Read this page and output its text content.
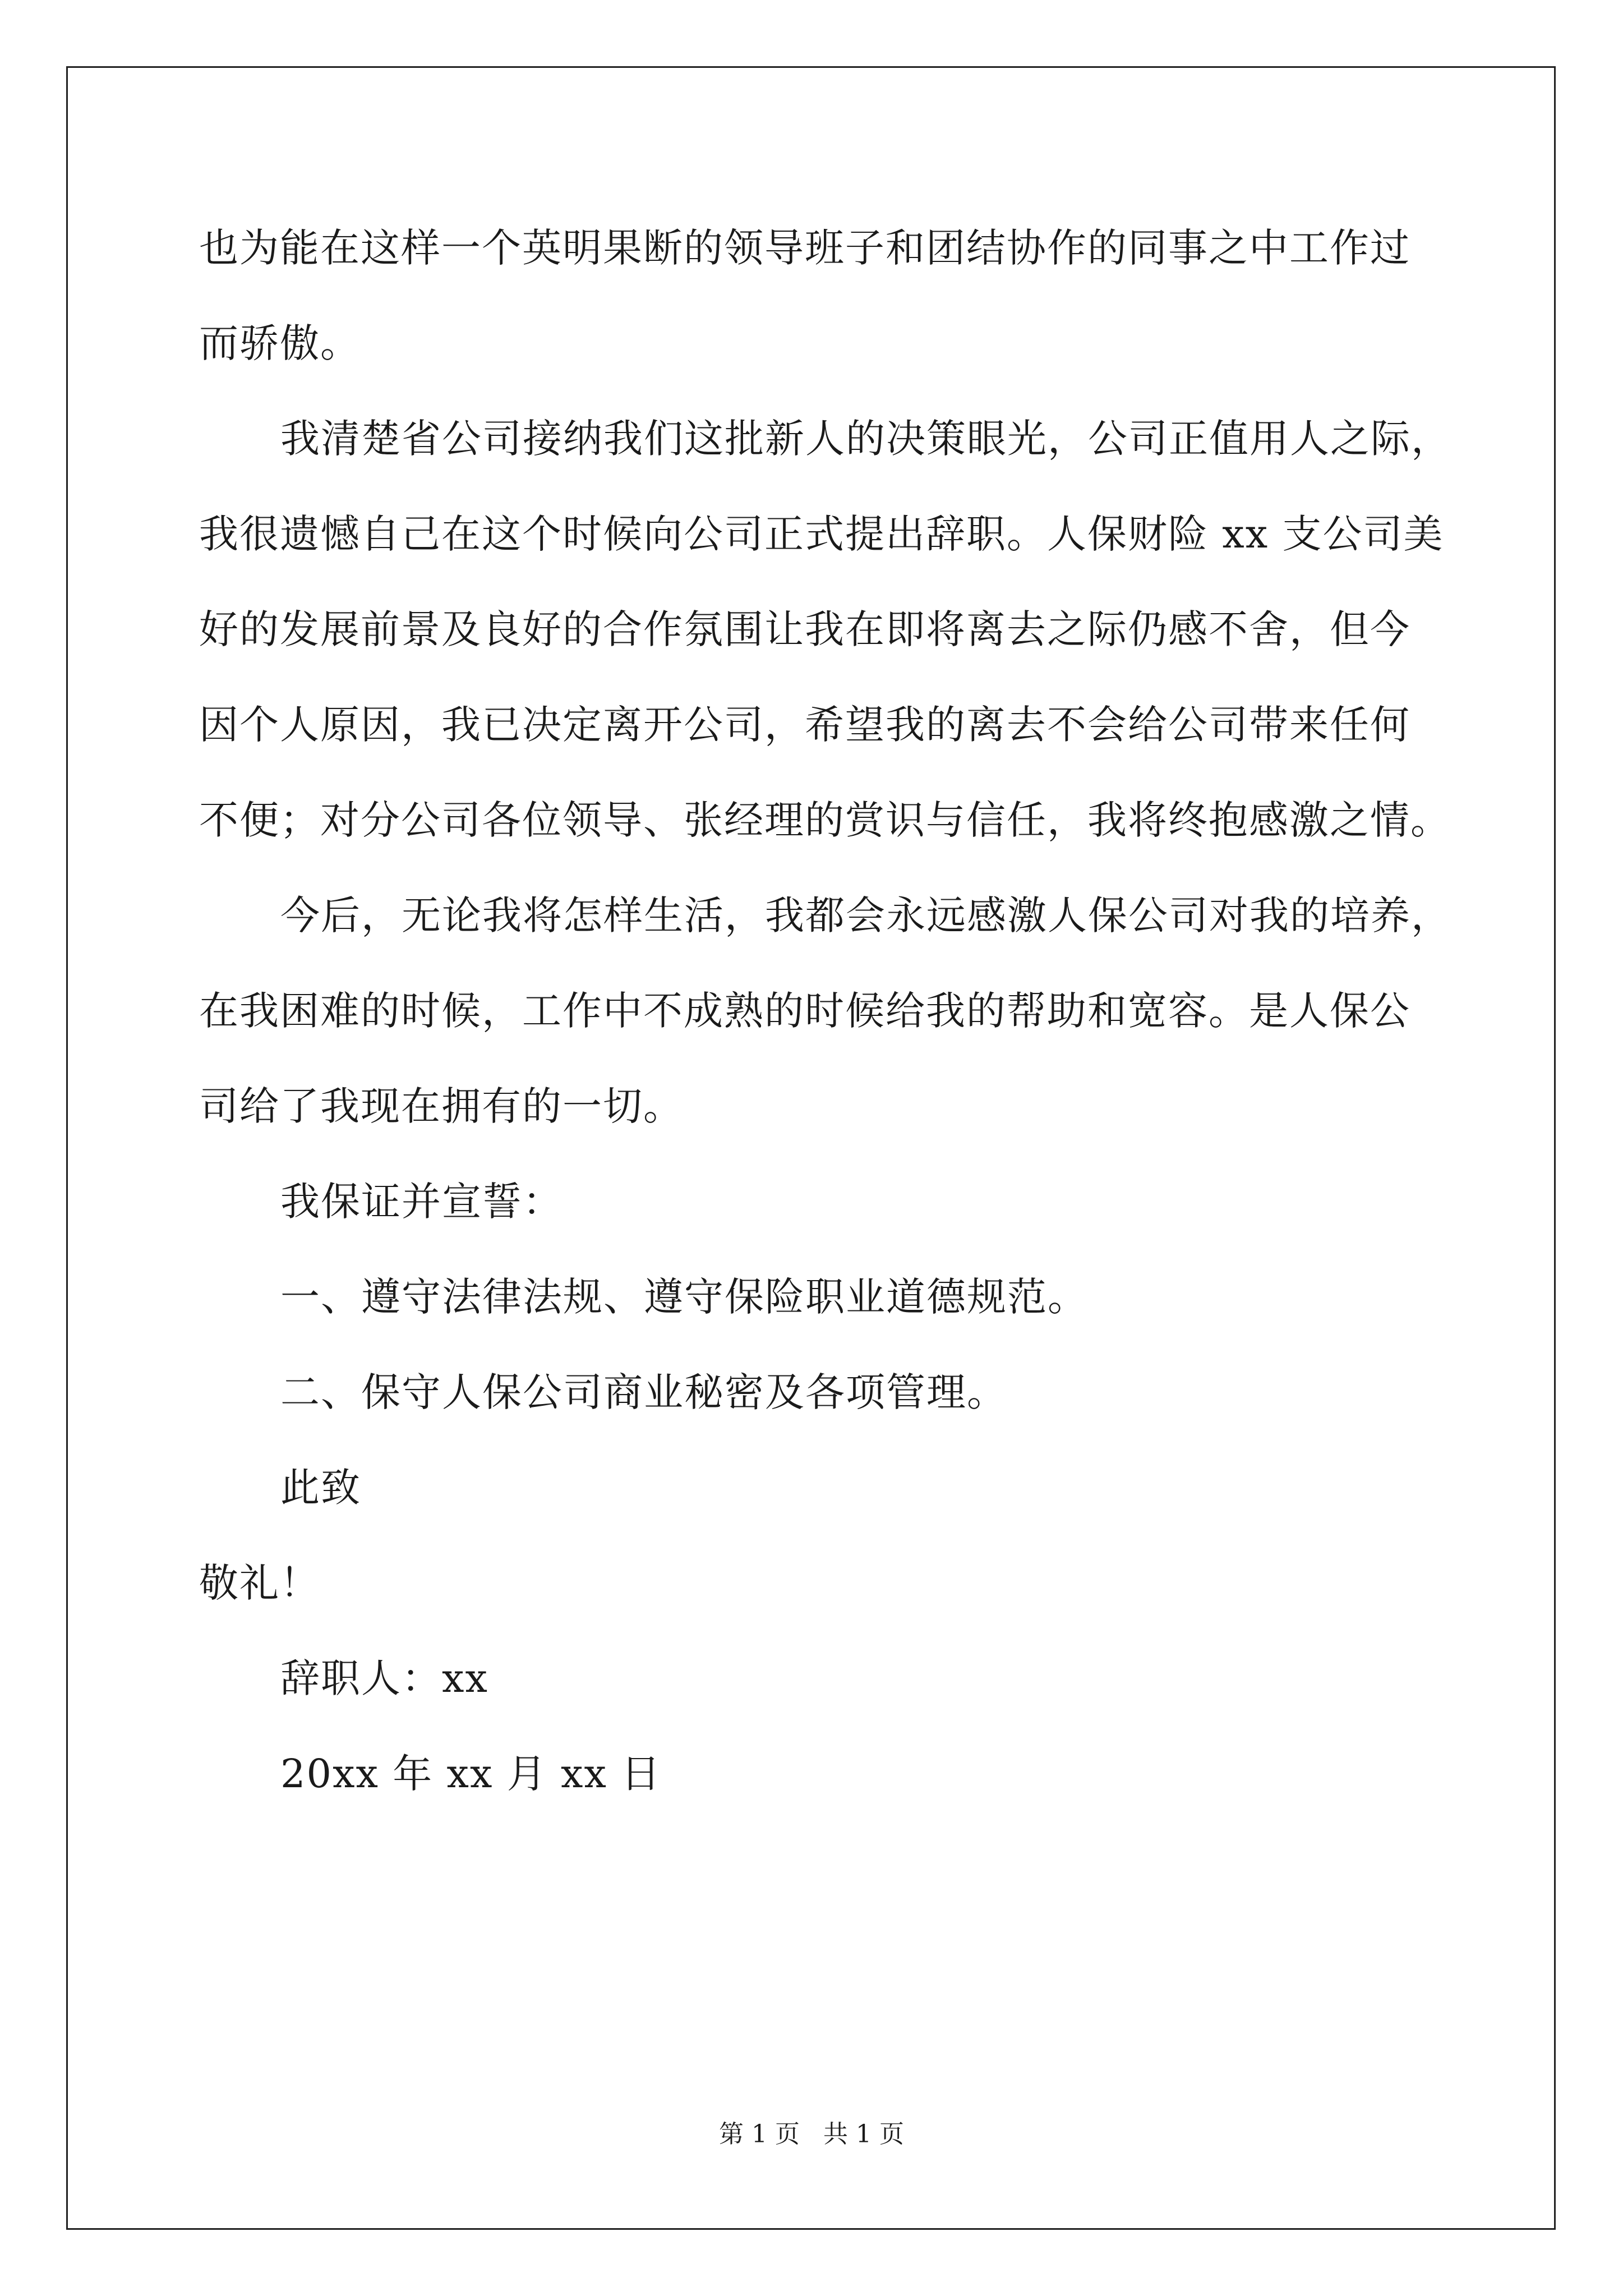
也为能在这样一个英明果断的领导班子和团结协作的同事之中工作过
而骄傲。
我清楚省公司接纳我们这批新人的决策眼光，公司正值用人之际，
我很遗憾自己在这个时候向公司正式提出辞职。人保财险 xx 支公司美
好的发展前景及良好的合作氛围让我在即将离去之际仍感不舍，但今
因个人原因，我已决定离开公司，希望我的离去不会给公司带来任何
不便；对分公司各位领导、张经理的赏识与信任，我将终抱感激之情。
今后，无论我将怎样生活，我都会永远感激人保公司对我的培养，
在我困难的时候，工作中不成熟的时候给我的帮助和宽容。是人保公
司给了我现在拥有的一切。
我保证并宣誓：
一、遵守法律法规、遵守保险职业道德规范。
二、保守人保公司商业秘密及各项管理。
此致
敬礼！
辞职人：xx
20xx 年 xx 月 xx 日
第 1 页   共 1 页
